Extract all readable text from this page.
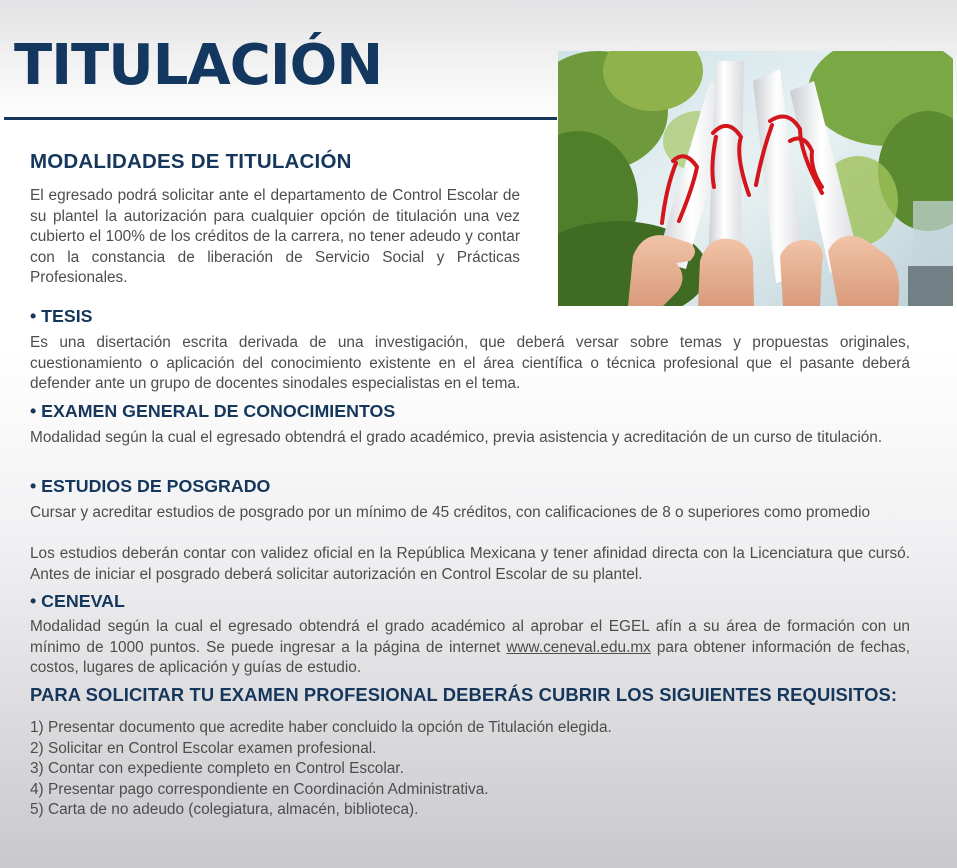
TITULACIÓN
MODALIDADES DE TITULACIÓN

El egresado podrá solicitar ante el departamento de Control Escolar de su plantel la autorización para cualquier opción de titulación una vez cubierto el 100% de los créditos de la carrera, no tener adeudo y contar con la constancia de liberación de Servicio Social y Prácticas Profesionales.

• TESIS

Es una disertación escrita derivada de una investigación, que deberá versar sobre temas y propuestas originales, cuestionamiento o aplicación del conocimiento existente en el área científica o técnica profesional que el pasante deberá defender ante un grupo de docentes sinodales especialistas en el tema.

• EXAMEN GENERAL DE CONOCIMIENTOS

Modalidad según la cual el egresado obtendrá el grado académico, previa asistencia y acreditación de un curso de titulación.

• ESTUDIOS DE POSGRADO

Cursar y acreditar estudios de posgrado por un mínimo de 45 créditos, con calificaciones de 8 o superiores como promedio

Los estudios deberán contar con validez oficial en la República Mexicana y tener afinidad directa con la Licenciatura que cursó. Antes de iniciar el posgrado deberá solicitar autorización en Control Escolar de su plantel.

• CENEVAL

Modalidad según la cual el egresado obtendrá el grado académico al aprobar el EGEL afín a su área de formación con un mínimo de 1000 puntos. Se puede ingresar a la página de internet www.ceneval.edu.mx para obtener información de fechas, costos, lugares de aplicación y guías de estudio.

PARA SOLICITAR TU EXAMEN PROFESIONAL DEBERÁS CUBRIR LOS SIGUIENTES REQUISITOS:
1) Presentar documento que acredite haber concluido la opción de Titulación elegida.
2) Solicitar en Control Escolar examen profesional.
3) Contar con expediente completo en Control Escolar.
4) Presentar pago correspondiente en Coordinación Administrativa.
5) Carta de no adeudo (colegiatura, almacén, biblioteca).
